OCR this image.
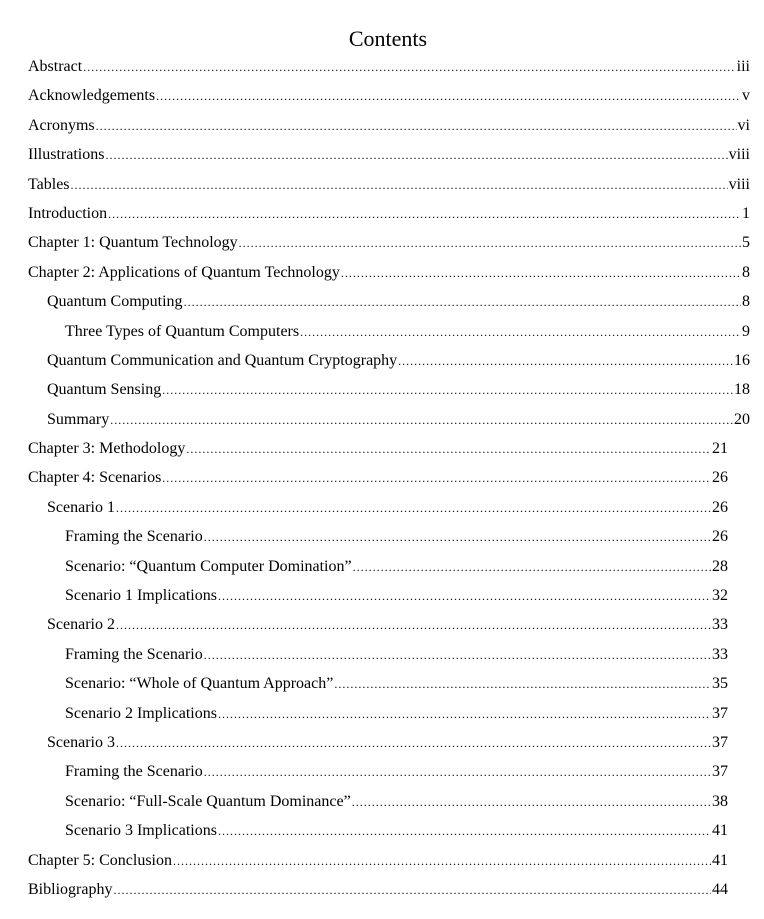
Contents
Abstract .....	iii
Acknowledgements .....	v
Acronyms .....	vi
Illustrations .....	viii
Tables .....	viii
Introduction .....	1
Chapter 1: Quantum Technology .....	5
Chapter 2: Applications of Quantum Technology .....	8
Quantum Computing .....	8
Three Types of Quantum Computers .....	9
Quantum Communication and Quantum Cryptography .....	16
Quantum Sensing .....	18
Summary .....	20
Chapter 3: Methodology .....	21
Chapter 4: Scenarios .....	26
Scenario 1 .....	26
Framing the Scenario .....	26
Scenario: “Quantum Computer Domination” .....	28
Scenario 1 Implications .....	32
Scenario 2 .....	33
Framing the Scenario .....	33
Scenario: “Whole of Quantum Approach” .....	35
Scenario 2 Implications .....	37
Scenario 3 .....	37
Framing the Scenario .....	37
Scenario: “Full-Scale Quantum Dominance” .....	38
Scenario 3 Implications .....	41
Chapter 5: Conclusion .....	41
Bibliography .....	44
